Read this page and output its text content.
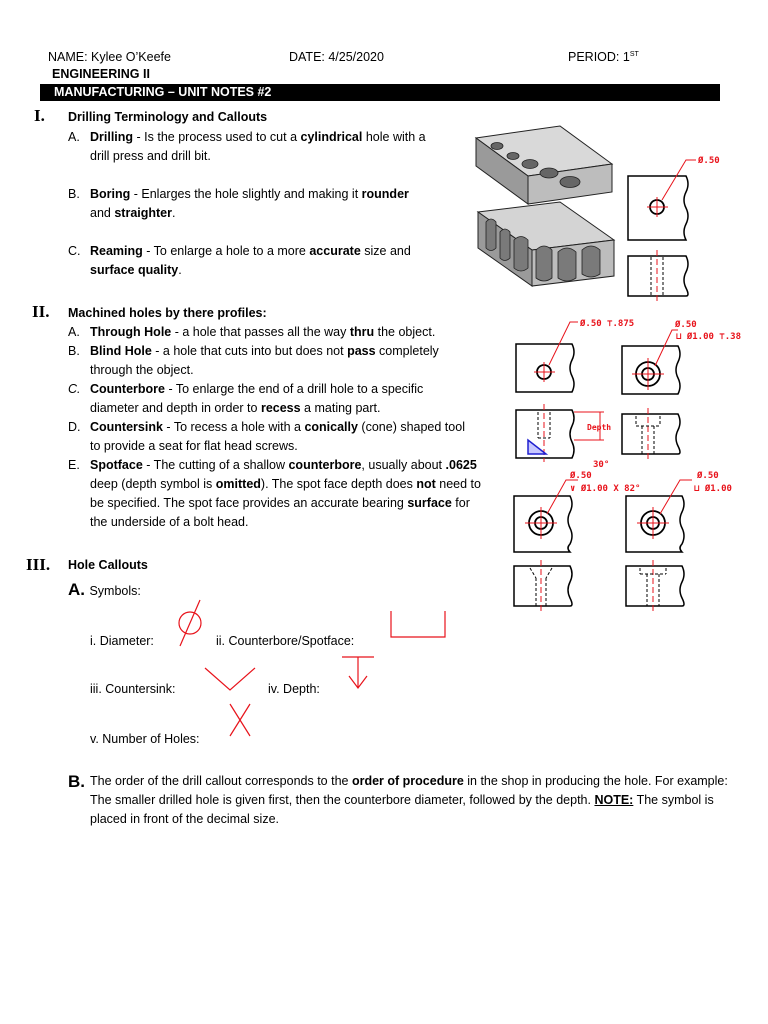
NAME: Kylee O’Keefe	DATE: 4/25/2020	PERIOD: 1ST
ENGINEERING II
MANUFACTURING – UNIT NOTES #2
I. Drilling Terminology and Callouts
A. Drilling - Is the process used to cut a cylindrical hole with a drill press and drill bit.
B. Boring - Enlarges the hole slightly and making it rounder
and straighter.
C. Reaming - To enlarge a hole to a more accurate size and surface quality.
II. Machined holes by there profiles:
A. Through Hole - a hole that passes all the way thru the object.
B. Blind Hole - a hole that cuts into but does not pass completely through the object.
C. Counterbore - To enlarge the end of a drill hole to a specific diameter and depth in order to recess a mating part.
D. Countersink - To recess a hole with a conically (cone) shaped tool to provide a seat for flat head screws.
E. Spotface - The cutting of a shallow counterbore, usually about .0625 deep (depth symbol is omitted). The spot face depth does not need to be specified. The spot face provides an accurate bearing surface for the underside of a bolt head.
III. Hole Callouts
A. Symbols:
i. Diameter:	ii. Counterbore/Spotface:
iii. Countersink:	iv. Depth:
v. Number of Holes:
B. The order of the drill callout corresponds to the order of procedure in the shop in producing the hole. For example: The smaller drilled hole is given first, then the counterbore diameter, followed by the depth. NOTE: The symbol is placed in front of the decimal size.
Ø.50
Ø.50 ⊤.875
Depth
30°
Ø.50
⊔ Ø1.00 ⊤.38
Ø.50
∨ Ø1.00 X 82°
Ø.50
⊔ Ø1.00
